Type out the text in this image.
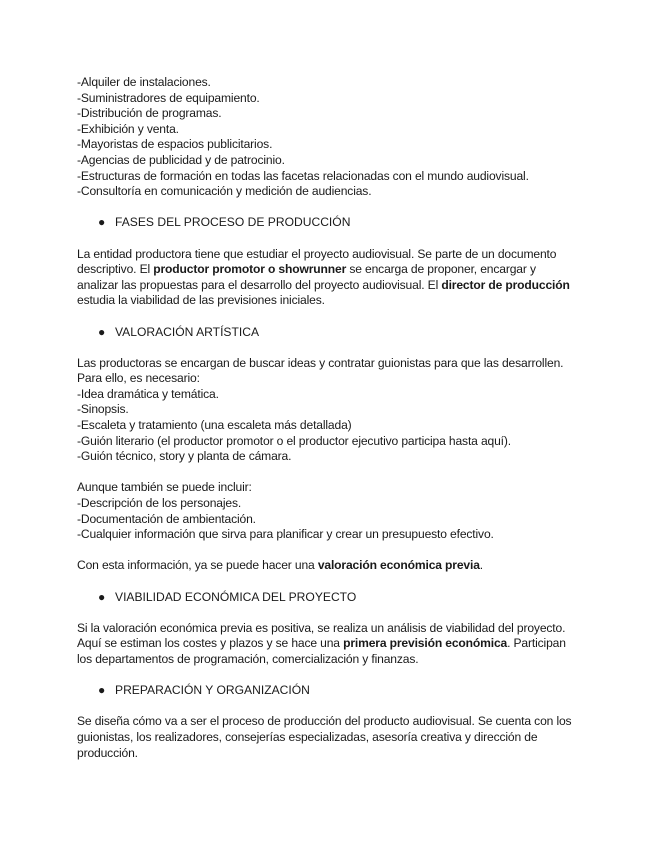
-Alquiler de instalaciones.
-Suministradores de equipamiento.
-Distribución de programas.
-Exhibición y venta.
-Mayoristas de espacios publicitarios.
-Agencias de publicidad y de patrocinio.
-Estructuras de formación en todas las facetas relacionadas con el mundo audiovisual.
-Consultoría en comunicación y medición de audiencias.
● FASES DEL PROCESO DE PRODUCCIÓN
La entidad productora tiene que estudiar el proyecto audiovisual. Se parte de un documento
descriptivo. El productor promotor o showrunner se encarga de proponer, encargar y
analizar las propuestas para el desarrollo del proyecto audiovisual. El director de producción
estudia la viabilidad de las previsiones iniciales.
● VALORACIÓN ARTÍSTICA
Las productoras se encargan de buscar ideas y contratar guionistas para que las desarrollen.
Para ello, es necesario:
-Idea dramática y temática.
-Sinopsis.
-Escaleta y tratamiento (una escaleta más detallada)
-Guión literario (el productor promotor o el productor ejecutivo participa hasta aquí).
-Guión técnico, story y planta de cámara.
Aunque también se puede incluir:
-Descripción de los personajes.
-Documentación de ambientación.
-Cualquier información que sirva para planificar y crear un presupuesto efectivo.
Con esta información, ya se puede hacer una valoración económica previa.
● VIABILIDAD ECONÓMICA DEL PROYECTO
Si la valoración económica previa es positiva, se realiza un análisis de viabilidad del proyecto.
Aquí se estiman los costes y plazos y se hace una primera previsión económica. Participan
los departamentos de programación, comercialización y finanzas.
● PREPARACIÓN Y ORGANIZACIÓN
Se diseña cómo va a ser el proceso de producción del producto audiovisual. Se cuenta con los
guionistas, los realizadores, consejerías especializadas, asesoría creativa y dirección de
producción.
